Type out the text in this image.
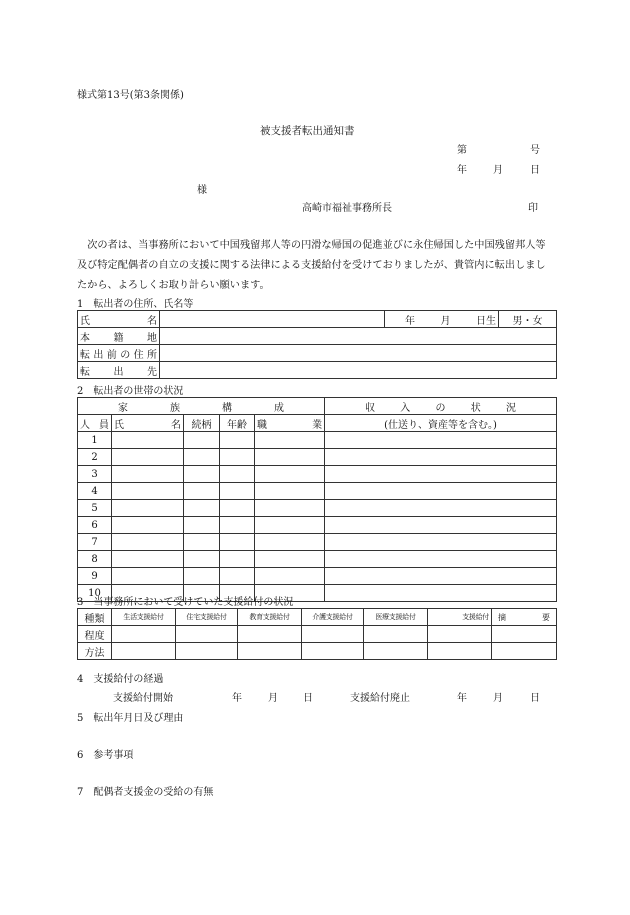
様式第13号(第3条関係)
被支援者転出通知書
第	号
年	月	日
様
高崎市福祉事務所長	印
次の者は、当事務所において中国残留邦人等の円滑な帰国の促進並びに永住帰国した中国残留邦人等及び特定配偶者の自立の支援に関する法律による支援給付を受けておりましたが、貴管内に転出しましたから、よろしくお取り計らい願います。
1　転出者の住所、氏名等
氏名		年 月 日生	男・女
本籍地			
転出前の住所			
転出先			
2　転出者の世帯の状況
家族構成					収入の状況
人員	氏 名	続柄	年齢	職 業	(仕送り、資産等を含む。)
1					
2					
3					
4					
5					
6					
7					
8					
9					
10					
3　当事務所において受けていた支援給付の状況
種類	生活支援給付	住宅支援給付	教育支援給付	介護支援給付	医療支援給付	支援給付	摘 要

程度							
方法							
4　支援給付の経過
支援給付開始	年	月	日	支援給付廃止	年	月	日
5　転出年月日及び理由
6　参考事項
7　配偶者支援金の受給の有無
